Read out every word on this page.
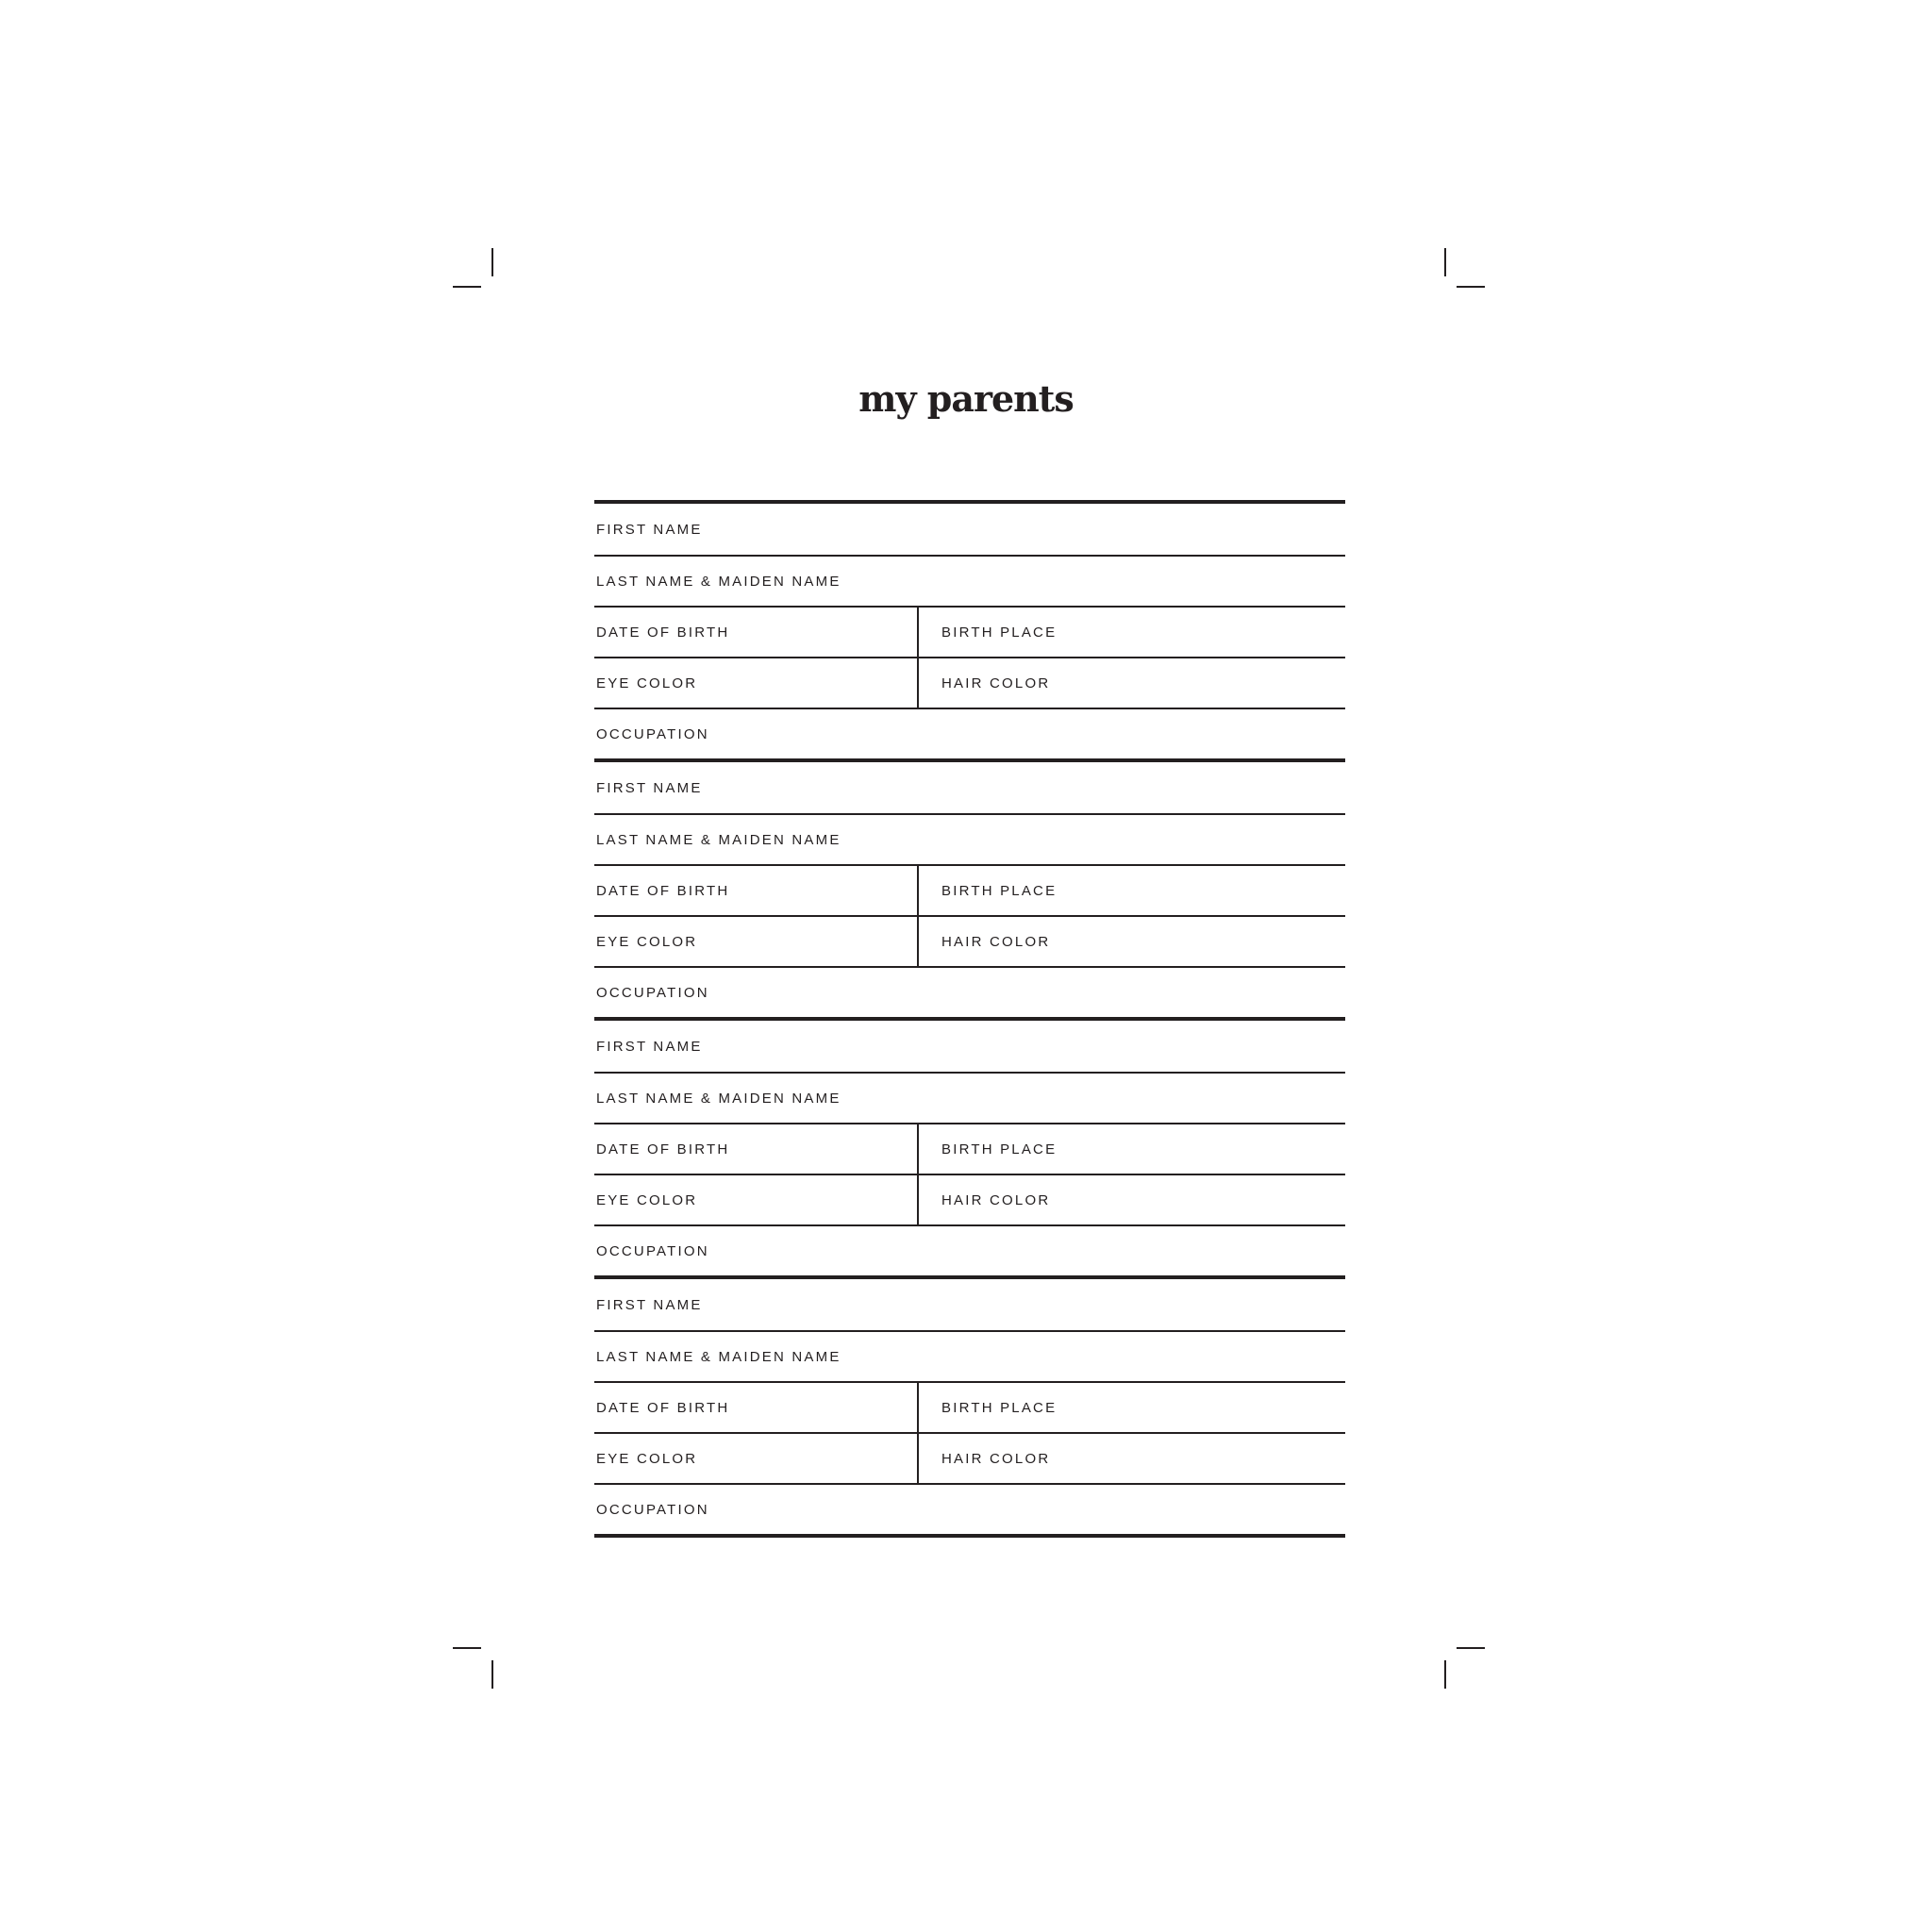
my parents
FIRST NAME
LAST NAME & MAIDEN NAME
DATE OF BIRTH	BIRTH PLACE
EYE COLOR	HAIR COLOR
OCCUPATION
FIRST NAME
LAST NAME & MAIDEN NAME
DATE OF BIRTH	BIRTH PLACE
EYE COLOR	HAIR COLOR
OCCUPATION
FIRST NAME
LAST NAME & MAIDEN NAME
DATE OF BIRTH	BIRTH PLACE
EYE COLOR	HAIR COLOR
OCCUPATION
FIRST NAME
LAST NAME & MAIDEN NAME
DATE OF BIRTH	BIRTH PLACE
EYE COLOR	HAIR COLOR
OCCUPATION
